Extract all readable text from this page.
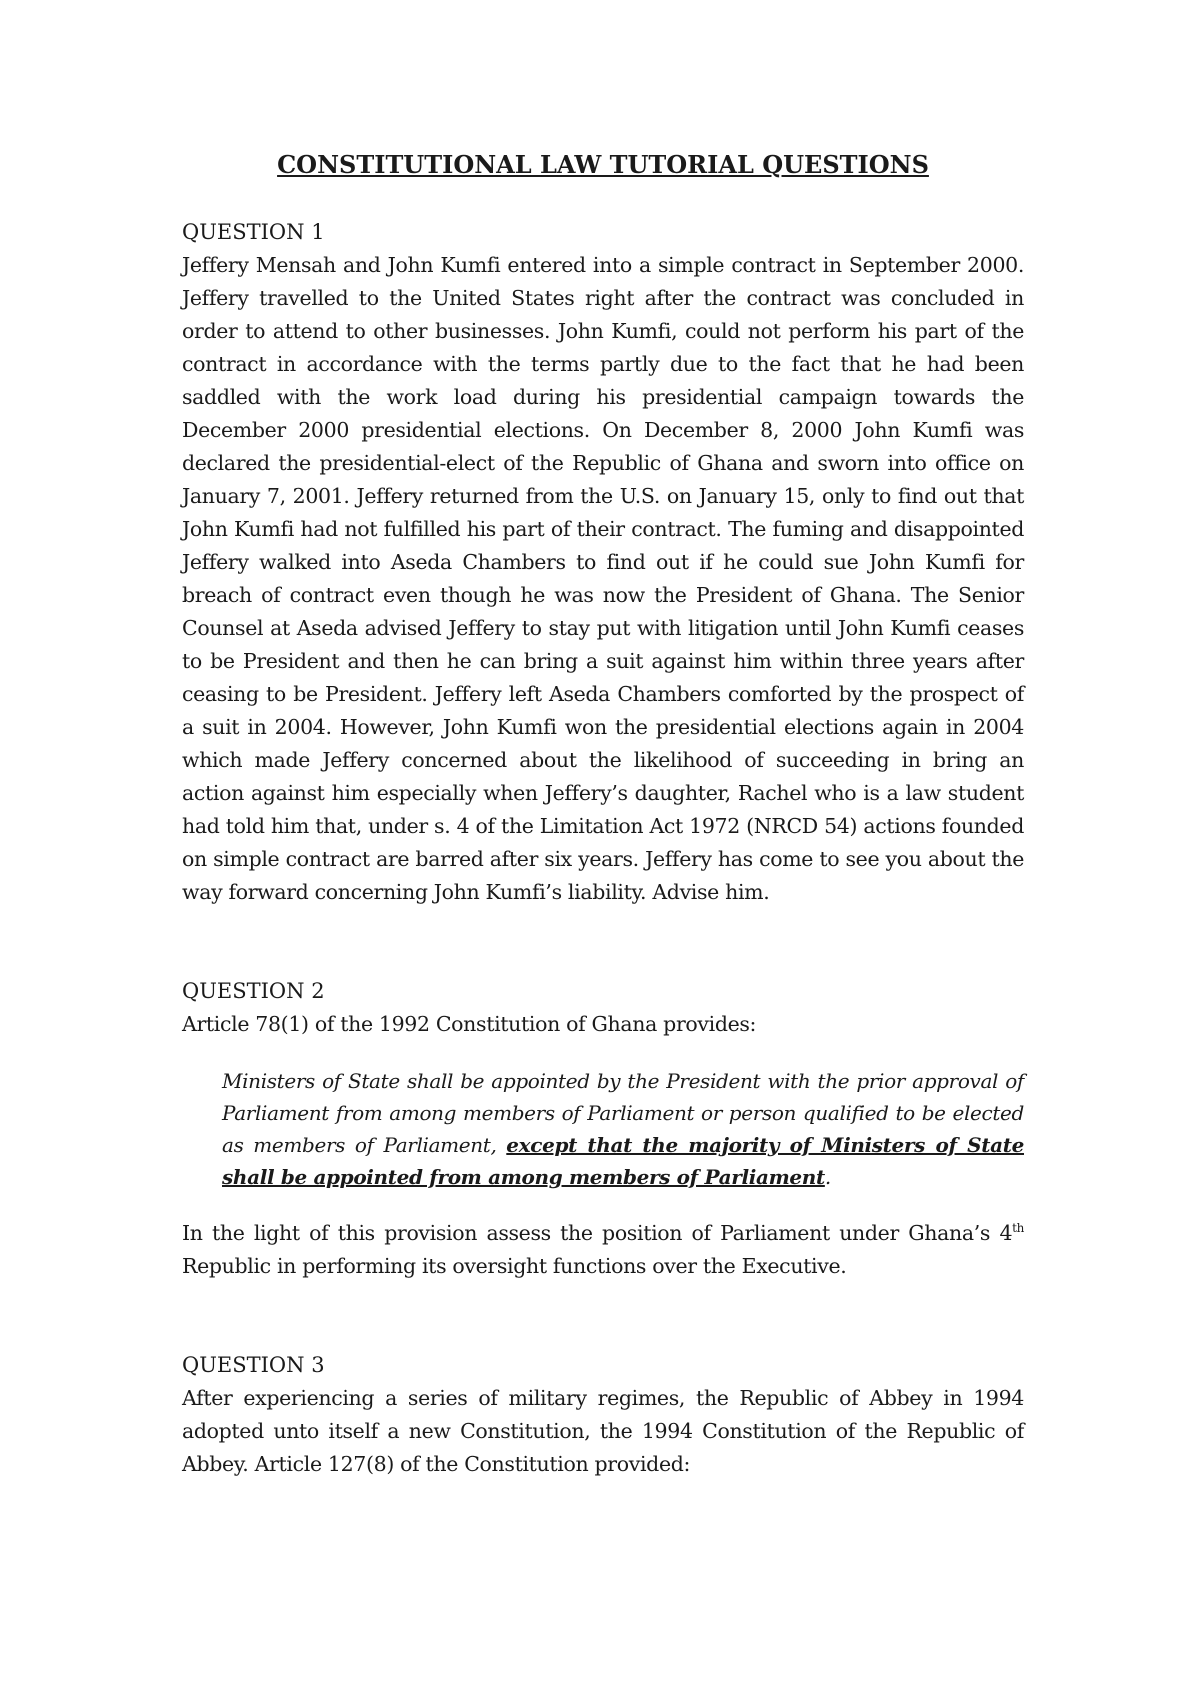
CONSTITUTIONAL LAW TUTORIAL QUESTIONS
QUESTION 1

Jeffery Mensah and John Kumfi entered into a simple contract in September 2000. Jeffery travelled to the United States right after the contract was concluded in order to attend to other businesses. John Kumfi, could not perform his part of the contract in accordance with the terms partly due to the fact that he had been saddled with the work load during his presidential campaign towards the December 2000 presidential elections. On December 8, 2000 John Kumfi was declared the presidential-elect of the Republic of Ghana and sworn into office on January 7, 2001. Jeffery returned from the U.S. on January 15, only to find out that John Kumfi had not fulfilled his part of their contract. The fuming and disappointed Jeffery walked into Aseda Chambers to find out if he could sue John Kumfi for breach of contract even though he was now the President of Ghana. The Senior Counsel at Aseda advised Jeffery to stay put with litigation until John Kumfi ceases to be President and then he can bring a suit against him within three years after ceasing to be President. Jeffery left Aseda Chambers comforted by the prospect of a suit in 2004. However, John Kumfi won the presidential elections again in 2004 which made Jeffery concerned about the likelihood of succeeding in bring an action against him especially when Jeffery’s daughter, Rachel who is a law student had told him that, under s. 4 of the Limitation Act 1972 (NRCD 54) actions founded on simple contract are barred after six years. Jeffery has come to see you about the way forward concerning John Kumfi’s liability. Advise him.

QUESTION 2

Article 78(1) of the 1992 Constitution of Ghana provides:

Ministers of State shall be appointed by the President with the prior approval of Parliament from among members of Parliament or person qualified to be elected as members of Parliament, except that the majority of Ministers of State shall be appointed from among members of Parliament.

In the light of this provision assess the position of Parliament under Ghana’s 4th Republic in performing its oversight functions over the Executive.

QUESTION 3

After experiencing a series of military regimes, the Republic of Abbey in 1994 adopted unto itself a new Constitution, the 1994 Constitution of the Republic of Abbey. Article 127(8) of the Constitution provided:
